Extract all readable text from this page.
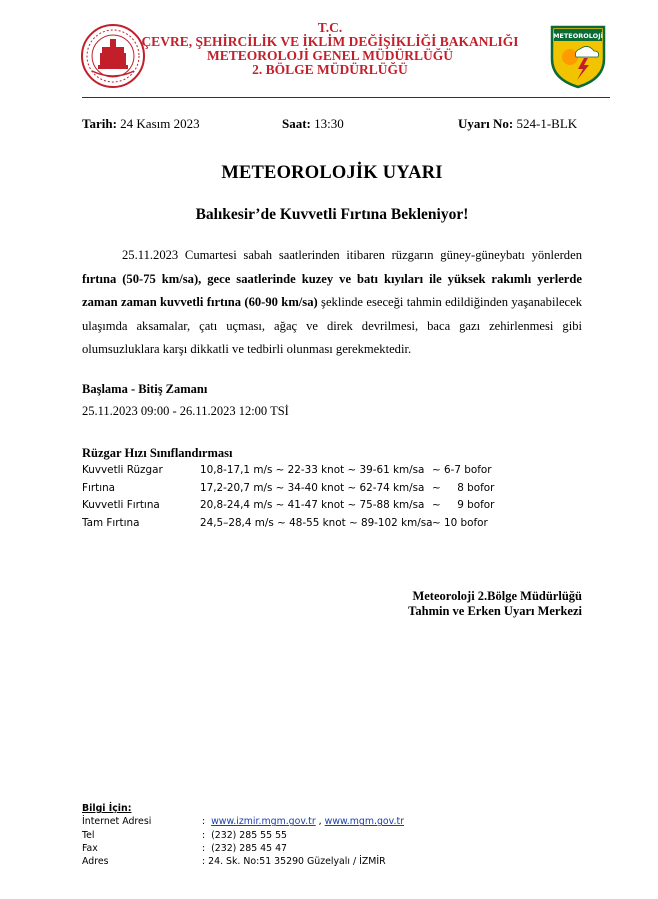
T.C.
ÇEVRE, ŞEHİRCİLİK VE İKLİM DEĞİŞİKLİĞİ BAKANLIĞI
METEOROLOJİ GENEL MÜDÜRLÜĞÜ
2. BÖLGE MÜDÜRLÜĞÜ
METEOROLOJİ
Tarih: 24 Kasım 2023	Saat: 13:30	Uyarı No: 524-1-BLK
METEOROLOJİK UYARI
Balıkesir’de Kuvvetli Fırtına Bekleniyor!
25.11.2023 Cumartesi sabah saatlerinden itibaren rüzgarın güney-güneybatı yönlerden fırtına (50-75 km/sa), gece saatlerinde kuzey ve batı kıyıları ile yüksek rakımlı yerlerde zaman zaman kuvvetli fırtına (60-90 km/sa) şeklinde eseceği tahmin edildiğinden yaşanabilecek ulaşımda aksamalar, çatı uçması, ağaç ve direk devrilmesi, baca gazı zehirlenmesi gibi olumsuzluklara karşı dikkatli ve tedbirli olunması gerekmektedir.
Başlama - Bitiş Zamanı
25.11.2023 09:00 - 26.11.2023 12:00 TSİ
Rüzgar Hızı Sınıflandırması
Kuvvetli Rüzgar	10,8-17,1 m/s ~ 22-33 knot ~ 39-61 km/sa ~ 6-7 bofor
Fırtına	17,2-20,7 m/s ~ 34-40 knot ~ 62-74 km/sa ~     8 bofor
Kuvvetli Fırtına	20,8-24,4 m/s ~ 41-47 knot ~ 75-88 km/sa ~     9 bofor
Tam Fırtına	24,5–28,4 m/s ~ 48-55 knot ~ 89-102 km/sa ~ 10 bofor
Meteoroloji 2.Bölge Müdürlüğü
Tahmin ve Erken Uyarı Merkezi
Bilgi İçin:
İnternet Adresi	:  www.izmir.mgm.gov.tr , www.mgm.gov.tr
Tel	:  (232) 285 55 55
Fax	:  (232) 285 45 47
Adres	: 24. Sk. No:51 35290 Güzelyalı / İZMİR
